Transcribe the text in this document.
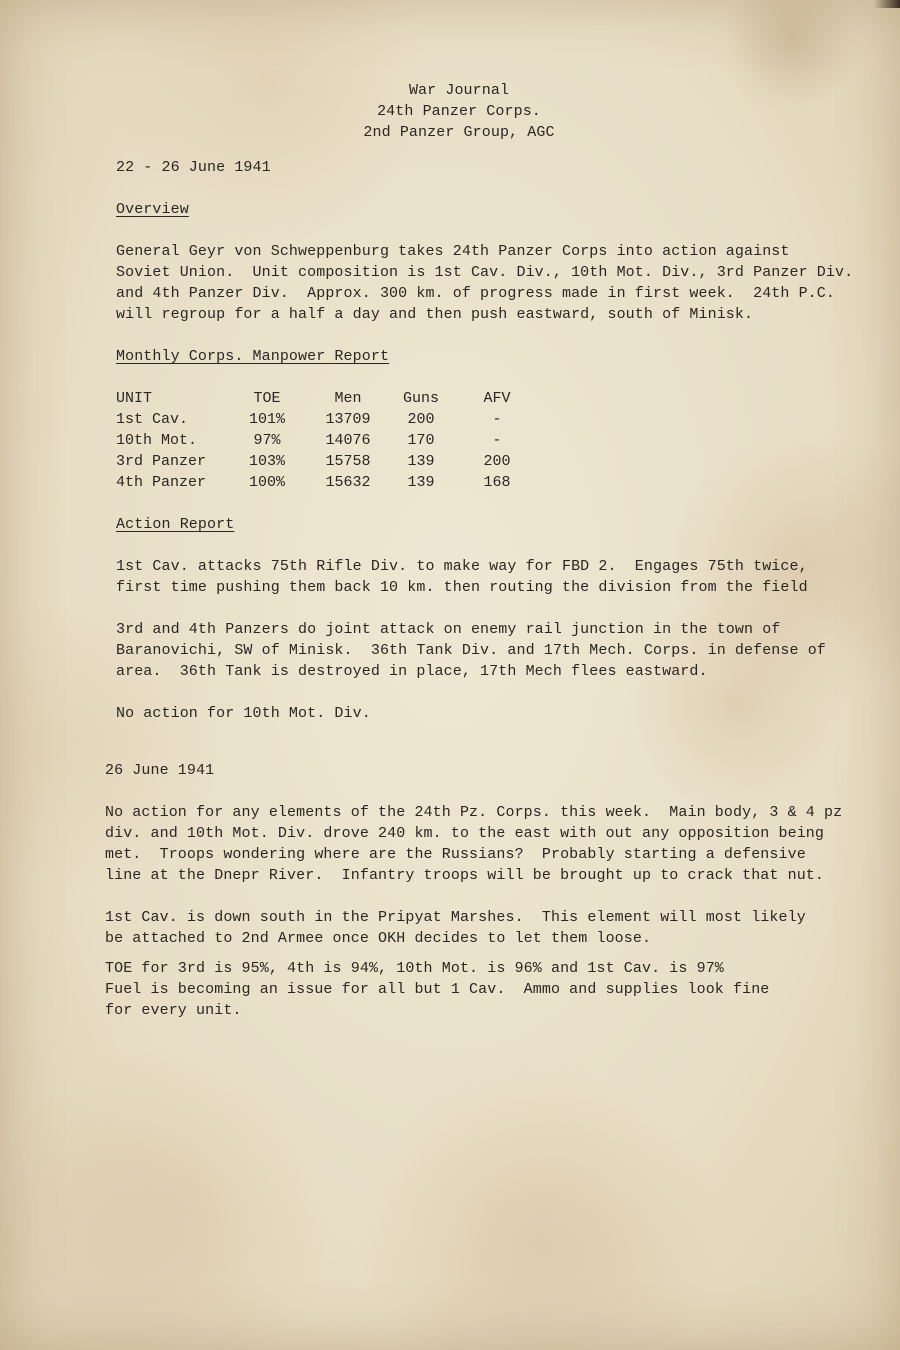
War Journal
24th Panzer Corps.
2nd Panzer Group, AGC
22 - 26 June 1941
Overview
General Geyr von Schweppenburg takes 24th Panzer Corps into action against
Soviet Union.  Unit composition is 1st Cav. Div., 10th Mot. Div., 3rd Panzer Div.
and 4th Panzer Div.  Approx. 300 km. of progress made in first week.  24th P.C.
will regroup for a half a day and then push eastward, south of Minisk.
Monthly Corps. Manpower Report
UNIT	TOE	Men	Guns	AFV
1st Cav.	101%	13709	200	-
10th Mot.	97%	14076	170	-
3rd Panzer	103%	15758	139	200
4th Panzer	100%	15632	139	168
Action Report
1st Cav. attacks 75th Rifle Div. to make way for FBD 2.  Engages 75th twice,
first time pushing them back 10 km. then routing the division from the field
3rd and 4th Panzers do joint attack on enemy rail junction in the town of
Baranovichi, SW of Minisk.  36th Tank Div. and 17th Mech. Corps. in defense of
area.  36th Tank is destroyed in place, 17th Mech flees eastward.
No action for 10th Mot. Div.
26 June 1941
No action for any elements of the 24th Pz. Corps. this week.  Main body, 3 & 4 pz
div. and 10th Mot. Div. drove 240 km. to the east with out any opposition being
met.  Troops wondering where are the Russians?  Probably starting a defensive
line at the Dnepr River.  Infantry troops will be brought up to crack that nut.
1st Cav. is down south in the Pripyat Marshes.  This element will most likely
be attached to 2nd Armee once OKH decides to let them loose.
TOE for 3rd is 95%, 4th is 94%, 10th Mot. is 96% and 1st Cav. is 97%
Fuel is becoming an issue for all but 1 Cav.  Ammo and supplies look fine
for every unit.
